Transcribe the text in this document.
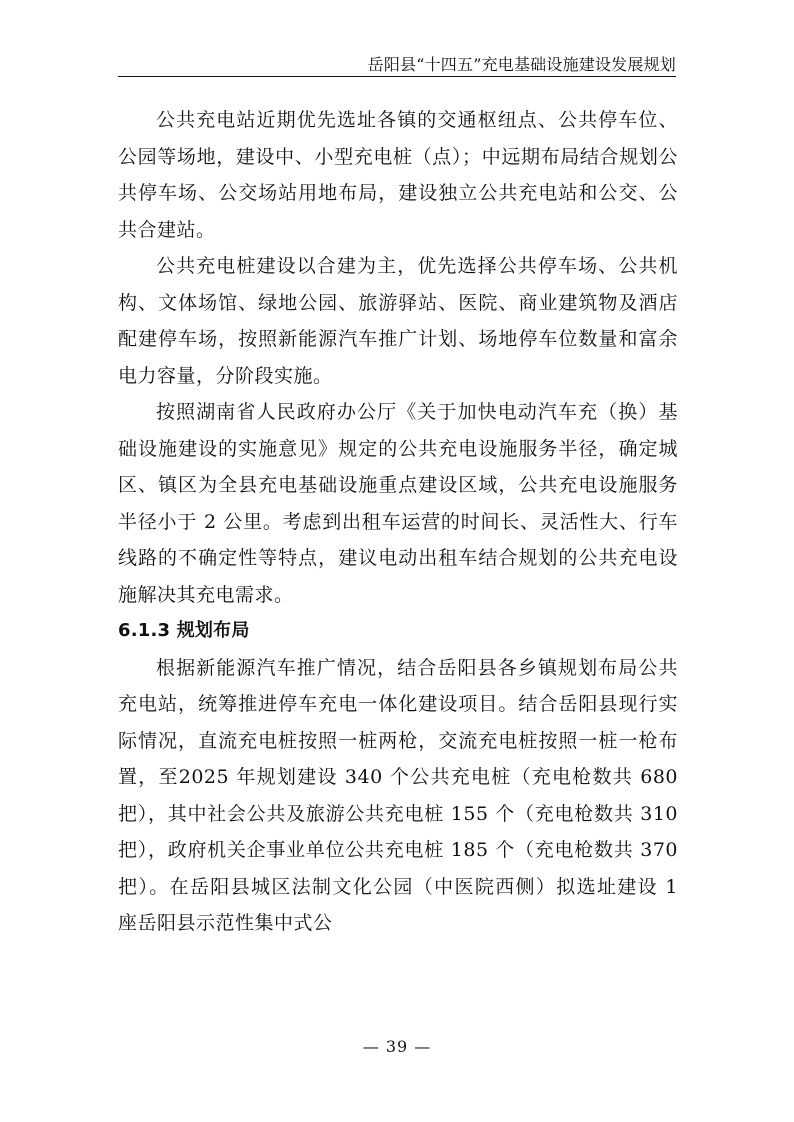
岳阳县“十四五”充电基础设施建设发展规划

公共充电站近期优先选址各镇的交通枢纽点、公共停车位、公园等场地，建设中、小型充电桩（点）；中远期布局结合规划公共停车场、公交场站用地布局，建设独立公共充电站和公交、公共合建站。

公共充电桩建设以合建为主，优先选择公共停车场、公共机构、文体场馆、绿地公园、旅游驿站、医院、商业建筑物及酒店配建停车场，按照新能源汽车推广计划、场地停车位数量和富余电力容量，分阶段实施。

按照湖南省人民政府办公厅《关于加快电动汽车充（换）基础设施建设的实施意见》规定的公共充电设施服务半径，确定城区、镇区为全县充电基础设施重点建设区域，公共充电设施服务半径小于 2 公里。考虑到出租车运营的时间长、灵活性大、行车线路的不确定性等特点，建议电动出租车结合规划的公共充电设施解决其充电需求。

6.1.3 规划布局

根据新能源汽车推广情况，结合岳阳县各乡镇规划布局公共充电站，统筹推进停车充电一体化建设项目。结合岳阳县现行实际情况，直流充电桩按照一桩两枪，交流充电桩按照一桩一枪布置，至2025 年规划建设 340 个公共充电桩（充电枪数共 680 把），其中社会公共及旅游公共充电桩 155 个（充电枪数共 310 把），政府机关企事业单位公共充电桩 185 个（充电枪数共 370 把）。在岳阳县城区法制文化公园（中医院西侧）拟选址建设 1 座岳阳县示范性集中式公

— 39 —
